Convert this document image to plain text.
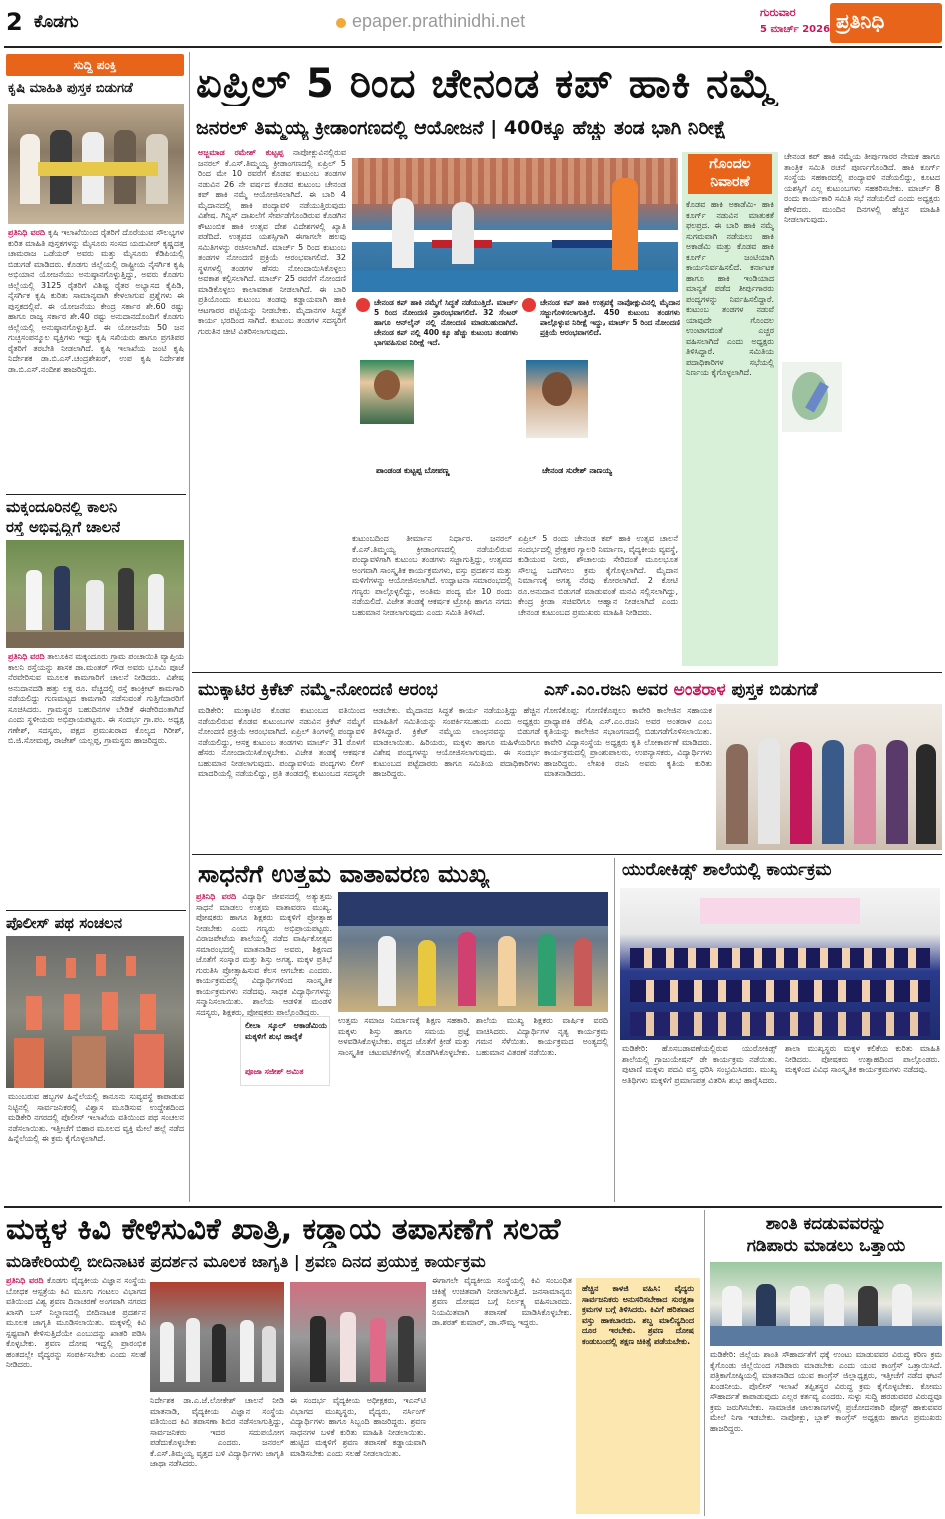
2 ಕೊಡಗು	epaper.prathinidhi.net	ಗುರುವಾರ
5 ಮಾರ್ಚ್ 2026 ಪ್ರತಿನಿಧಿ
ಸುದ್ದಿ ಪಂಕ್ತಿ
ಕೃಷಿ ಮಾಹಿತಿ ಪುಸ್ತಕ ಬಿಡುಗಡೆ
ಪ್ರತಿನಿಧಿ ವರದಿ ಕೃಷಿ ಇಲಾಖೆಯಿಂದ ರೈತರಿಗೆ ದೊರೆಯುವ ಸೌಲಭ್ಯಗಳ ಕುರಿತ ಮಾಹಿತಿ ಪುಸ್ತಕಗಳನ್ನು ಮೈಸೂರು ಸಂಸದ ಯದುವೀರ್ ಕೃಷ್ಣದತ್ತ ಚಾಮರಾಜ ಒಡೆಯರ್ ಅವರು ಮತ್ತು ಮೈಸೂರು ಕೆಡಿಪಿಯಲ್ಲಿ ಬಿಡುಗಡೆ ಮಾಡಿದರು. ಕೊಡಗು ಜಿಲ್ಲೆಯಲ್ಲಿ ರಾಷ್ಟ್ರೀಯ ನೈಸರ್ಗಿಕ ಕೃಷಿ ಅಭಿಯಾನ ಯೋಜನೆಯು ಅನುಷ್ಠಾನಗೊಳ್ಳುತ್ತಿದ್ದು, ಅವರು ಕೊಡಗು ಜಿಲ್ಲೆಯಲ್ಲಿ 3125 ರೈತರಿಗೆ ವಿಶಿಷ್ಟ ರೈತರ ಅಭ್ಯಾಸದ ಕೈಪಿಡಿ, ನೈಸರ್ಗಿಕ ಕೃಷಿ ಕುರಿತು ಸಾಮಾನ್ಯವಾಗಿ ಕೇಳಲಾಗುವ ಪ್ರಶ್ನೆಗಳು ಈ ಪುಸ್ತಕದಲ್ಲಿವೆ. ಈ ಯೋಜನೆಯು ಕೇಂದ್ರ ಸರ್ಕಾರ ಶೇ.60 ರಷ್ಟು ಹಾಗೂ ರಾಜ್ಯ ಸರ್ಕಾರ ಶೇ.40 ರಷ್ಟು ಅನುದಾನದೊಂದಿಗೆ ಕೊಡಗು ಜಿಲ್ಲೆಯಲ್ಲಿ ಅನುಷ್ಠಾನಗೊಳ್ಳುತ್ತಿದೆ. ಈ ಯೋಜನೆಯ 50 ಜನ ಗುಚ್ಛಸಂಪನ್ಮೂಲ ವ್ಯಕ್ತಿಗಳು ಇದ್ದು ಕೃಷಿ ಸಖಿಯರು ಹಾಗೂ ಪ್ರಗತಿಪರ ರೈತರಿಗೆ ತರಬೇತಿ ನೀಡಲಾಗಿದೆ. ಕೃಷಿ ಇಲಾಖೆಯ ಜಂಟಿ ಕೃಷಿ ನಿರ್ದೇಶಕ ಡಾ.ಬಿ.ಎಸ್.ಚಂದ್ರಶೇಖರ್, ಉಪ ಕೃಷಿ ನಿರ್ದೇಶಕ ಡಾ.ಬಿ.ಎಸ್.ನಂದೀಶ ಹಾಜರಿದ್ದರು.
ಮಕ್ಕಂದೂರಿನಲ್ಲಿ ಕಾಲನಿ
ರಸ್ತೆ ಅಭಿವೃದ್ಧಿಗೆ ಚಾಲನೆ
ಪ್ರತಿನಿಧಿ ವರದಿ ತಾಲೂಕಿನ ಮಕ್ಕಂದೂರು ಗ್ರಾಮ ಪಂಚಾಯಿತಿ ವ್ಯಾಪ್ತಿಯ ಕಾಲನಿ ರಸ್ತೆಯನ್ನು ಶಾಸಕ ಡಾ.ಮಂತರ್ ಗೌಡ ಅವರು ಭೂಮಿ ಪೂಜೆ ನೆರವೇರಿಸುವ ಮೂಲಕ ಕಾಮಗಾರಿಗೆ ಚಾಲನೆ ನೀಡಿದರು. ವಿಶೇಷ ಅನುದಾನದಡಿ ಹತ್ತು ಲಕ್ಷ ರೂ. ವೆಚ್ಚದಲ್ಲಿ ರಸ್ತೆ ಕಾಂಕ್ರೀಟ್ ಕಾಮಗಾರಿ ನಡೆಯಲಿದ್ದು ಗುಣಮಟ್ಟದ ಕಾಮಗಾರಿ ನಡೆಸುವಂತೆ ಗುತ್ತಿಗೆದಾರರಿಗೆ ಸೂಚಿಸಿದರು. ಗ್ರಾಮಸ್ಥರ ಬಹುದಿನಗಳ ಬೇಡಿಕೆ ಈಡೇರಿದಂತಾಗಿದೆ ಎಂದು ಸ್ಥಳೀಯರು ಅಭಿಪ್ರಾಯಪಟ್ಟರು. ಈ ಸಂದರ್ಭ ಗ್ರಾ.ಪಂ. ಅಧ್ಯಕ್ಷ ಗಣೇಶ್, ಸದಸ್ಯರು, ಪಕ್ಷದ ಪ್ರಮುಖರಾದ ಕೊಲ್ಯದ ಗಿರೀಶ್, ಬಿ.ಜಿ.ಸೋಮಪ್ಪ, ರಾಜೇಶ್ ಯಲ್ಲಪ್ಪ, ಗ್ರಾಮಸ್ಥರು ಹಾಜರಿದ್ದರು.
ಪೊಲೀಸ್ ಪಥ ಸಂಚಲನ
ಮುಂಬರುವ ಹಬ್ಬಗಳ ಹಿನ್ನೆಲೆಯಲ್ಲಿ ಕಾನೂನು ಸುವ್ಯವಸ್ಥೆ ಕಾಪಾಡುವ ನಿಟ್ಟಿನಲ್ಲಿ ಸಾರ್ವಜನಿಕರಲ್ಲಿ ವಿಶ್ವಾಸ ಮೂಡಿಸುವ ಉದ್ದೇಶದಿಂದ ಮಡಿಕೇರಿ ನಗರದಲ್ಲಿ ಪೊಲೀಸ್ ಇಲಾಖೆಯ ವತಿಯಿಂದ ಪಥ ಸಂಚಲನ ನಡೆಸಲಾಯಿತು. ಇತ್ತೀಚೆಗೆ ಬಿಹಾರ ಮೂಲದ ವ್ಯಕ್ತಿ ಮೇಲೆ ಹಲ್ಲೆ ನಡೆದ ಹಿನ್ನೆಲೆಯಲ್ಲಿ ಈ ಕ್ರಮ ಕೈಗೊಳ್ಳಲಾಗಿದೆ.
ಏಪ್ರಿಲ್ 5 ರಿಂದ ಚೇನಂಡ ಕಪ್ ಹಾಕಿ ನಮ್ಮೆ
ಜನರಲ್ ತಿಮ್ಮಯ್ಯ ಕ್ರೀಡಾಂಗಣದಲ್ಲಿ ಆಯೋಜನೆ | 400ಕ್ಕೂ ಹೆಚ್ಚು ತಂಡ ಭಾಗಿ ನಿರೀಕ್ಷೆ
ಅಜ್ಜಮಾಡ ರಮೇಶ್ ಕುಟ್ಟಪ್ಪ ನಾಪೋಕ್ಲುವಿನಲ್ಲಿರುವ ಜನರಲ್ ಕೆ.ಎಸ್.ತಿಮ್ಮಯ್ಯ ಕ್ರೀಡಾಂಗಣದಲ್ಲಿ ಏಪ್ರಿಲ್ 5 ರಿಂದ ಮೇ 10 ರವರೆಗೆ ಕೊಡವ ಕುಟುಂಬ ತಂಡಗಳ ನಡುವಿನ 26 ನೇ ವರ್ಷದ ಕೊಡವ ಕುಟುಂಬ ಚೇನಂಡ ಕಪ್ ಹಾಕಿ ನಮ್ಮೆ ಆಯೋಜಿಸಲಾಗಿದೆ. ಈ ಬಾರಿ 4 ಮೈದಾನದಲ್ಲಿ ಹಾಕಿ ಪಂದ್ಯಾವಳಿ ನಡೆಯುತ್ತಿರುವುದು ವಿಶೇಷ. ಗಿನ್ನಿಸ್ ದಾಖಲೆಗೆ ಸೇರ್ಪಡೆಗೊಂಡಿರುವ ಕೊಡಗಿನ ಕೌಟುಂಬಿಕ ಹಾಕಿ ಉತ್ಸವ ದೇಶ ವಿದೇಶಗಳಲ್ಲಿ ಖ್ಯಾತಿ ಪಡೆದಿದೆ. ಉತ್ಸವದ ಯಶಸ್ಸಿಗಾಗಿ ಈಗಾಗಲೇ ಹಲವು ಸಮಿತಿಗಳನ್ನು ರಚಿಸಲಾಗಿದೆ. ಮಾರ್ಚ್ 5 ರಿಂದ ಕುಟುಂಬ ತಂಡಗಳ ನೋಂದಣಿ ಪ್ರಕ್ರಿಯೆ ಆರಂಭವಾಗಲಿದೆ. 32 ಸ್ಥಳಗಳಲ್ಲಿ ತಂಡಗಳ ಹೆಸರು ನೋಂದಾಯಿಸಿಕೊಳ್ಳಲು ಅವಕಾಶ ಕಲ್ಪಿಸಲಾಗಿದೆ. ಮಾರ್ಚ್ 25 ರವರೆಗೆ ನೋಂದಣಿ ಮಾಡಿಕೊಳ್ಳಲು ಕಾಲಾವಕಾಶ ನೀಡಲಾಗಿದೆ. ಈ ಬಾರಿ ಪ್ರತಿಯೊಂದು ಕುಟುಂಬ ತಂಡವು ಕಡ್ಡಾಯವಾಗಿ ಹಾಕಿ ಆಟಗಾರರ ಪಟ್ಟಿಯನ್ನು ನೀಡಬೇಕು. ಮೈದಾನಗಳ ಸಿದ್ಧತೆ ಕಾರ್ಯ ಭರದಿಂದ ಸಾಗಿದೆ. ಕುಟುಂಬ ತಂಡಗಳ ಸದಸ್ಯರಿಗೆ ಗುರುತಿನ ಚೀಟಿ ವಿತರಿಸಲಾಗುವುದು.
ಚೇನಂಡ ಕಪ್ ಹಾಕಿ ನಮ್ಮೆಗೆ ಸಿದ್ಧತೆ ನಡೆಯುತ್ತಿದೆ. ಮಾರ್ಚ್ 5 ರಿಂದ ನೋಂದಣಿ ಪ್ರಾರಂಭವಾಗಲಿದೆ. 32 ಸೆಂಟರ್ ಹಾಗೂ ಆನ್‌ಲೈನ್ ನಲ್ಲಿ ನೋಂದಣಿ ಮಾಡಬಹುದಾಗಿದೆ. ಚೇನಂಡ ಕಪ್ ನಲ್ಲಿ 400 ಕ್ಕೂ ಹೆಚ್ಚು ಕುಟುಂಬ ತಂಡಗಳು ಭಾಗವಹಿಸುವ ನಿರೀಕ್ಷೆ ಇದೆ.
ಪಾಂಡಂಡ ಕುಟ್ಟಪ್ಪ ಬೋಪಣ್ಣ
ಚೇನಂಡ ಕಪ್ ಹಾಕಿ ಉತ್ಸವಕ್ಕೆ ನಾಪೋಕ್ಲುವಿನಲ್ಲಿ ಮೈದಾನ ಸಜ್ಜುಗೊಳಿಸಲಾಗುತ್ತಿದೆ. 450 ಕುಟುಂಬ ತಂಡಗಳು ಪಾಲ್ಗೊಳ್ಳುವ ನಿರೀಕ್ಷೆ ಇದ್ದು, ಮಾರ್ಚ್ 5 ರಿಂದ ನೋಂದಣಿ ಪ್ರಕ್ರಿಯೆ ಆರಂಭವಾಗಲಿದೆ.
ಚೇನಂಡ ಸುರೇಶ್ ನಾಣಯ್ಯ
ಕುಟುಂಬದಿಂದ ತೀರ್ಮಾನ ನಿರ್ಧಾರ. ಜನರಲ್ ಕೆ.ಎಸ್.ತಿಮ್ಮಯ್ಯ ಕ್ರೀಡಾಂಗಣದಲ್ಲಿ ನಡೆಯಲಿರುವ ಪಂದ್ಯಾವಳಿಗಾಗಿ ಕುಟುಂಬ ತಂಡಗಳು ಸಜ್ಜಾಗುತ್ತಿದ್ದು, ಉತ್ಸವದ ಅಂಗವಾಗಿ ಸಾಂಸ್ಕೃತಿಕ ಕಾರ್ಯಕ್ರಮಗಳು, ವಸ್ತು ಪ್ರದರ್ಶನ ಮತ್ತು ಮಳಿಗೆಗಳನ್ನು ಆಯೋಜಿಸಲಾಗಿದೆ. ಉದ್ಘಾಟನಾ ಸಮಾರಂಭದಲ್ಲಿ ಗಣ್ಯರು ಪಾಲ್ಗೊಳ್ಳಲಿದ್ದು, ಅಂತಿಮ ಪಂದ್ಯ ಮೇ 10 ರಂದು ನಡೆಯಲಿದೆ. ವಿಜೇತ ತಂಡಕ್ಕೆ ಆಕರ್ಷಕ ಟ್ರೋಫಿ ಹಾಗೂ ನಗದು ಬಹುಮಾನ ನೀಡಲಾಗುವುದು ಎಂದು ಸಮಿತಿ ತಿಳಿಸಿದೆ.
ಏಪ್ರಿಲ್ 5 ರಂದು ಚೇನಂಡ ಕಪ್ ಹಾಕಿ ಉತ್ಸವ ಚಾಲನೆ ಸಂದರ್ಭದಲ್ಲಿ ಪ್ರೇಕ್ಷಕರ ಗ್ಯಾಲರಿ ನಿರ್ಮಾಣ, ವೈದ್ಯಕೀಯ ವ್ಯವಸ್ಥೆ, ಕುಡಿಯುವ ನೀರು, ಶೌಚಾಲಯ ಸೇರಿದಂತೆ ಮೂಲಭೂತ ಸೌಲಭ್ಯ ಒದಗಿಸಲು ಕ್ರಮ ಕೈಗೊಳ್ಳಲಾಗಿದೆ. ಮೈದಾನ ನಿರ್ಮಾಣಕ್ಕೆ ಅಗತ್ಯ ನೆರವು ಕೋರಲಾಗಿದೆ. 2 ಕೋಟಿ ರೂ.ಅನುದಾನ ಬಿಡುಗಡೆ ಮಾಡುವಂತೆ ಮನವಿ ಸಲ್ಲಿಸಲಾಗಿದ್ದು, ಕೇಂದ್ರ ಕ್ರೀಡಾ ಸಚಿವರಿಗೂ ಆಹ್ವಾನ ನೀಡಲಾಗಿದೆ ಎಂದು ಚೇನಂಡ ಕುಟುಂಬದ ಪ್ರಮುಖರು ಮಾಹಿತಿ ನೀಡಿದರು.
ಗೊಂದಲ
ನಿವಾರಣೆ
ಕೊಡವ ಹಾಕಿ ಅಕಾಡೆಮಿ- ಹಾಕಿ ಕೂರ್ಗ್ ನಡುವಿನ ಮಾತುಕತೆ ಫಲಪ್ರದ. ಈ ಬಾರಿ ಹಾಕಿ ನಮ್ಮೆ ಸುಗಮವಾಗಿ ನಡೆಯಲು ಹಾಕಿ ಅಕಾಡೆಮಿ ಮತ್ತು ಕೊಡವ ಹಾಕಿ ಕೂರ್ಗ್ ಜಂಟಿಯಾಗಿ ಕಾರ್ಯನಿರ್ವಹಿಸಲಿದೆ. ಕರ್ನಾಟಕ ಹಾಗೂ ಹಾಕಿ ಇಂಡಿಯಾದ ಮಾನ್ಯತೆ ಪಡೆದ ತೀರ್ಪುಗಾರರು ಪಂದ್ಯಗಳನ್ನು ನಿರ್ವಹಿಸಲಿದ್ದಾರೆ. ಕುಟುಂಬ ತಂಡಗಳ ನಡುವೆ ಯಾವುದೇ ಗೊಂದಲ ಉಂಟಾಗದಂತೆ ಎಚ್ಚರ ವಹಿಸಲಾಗಿದೆ ಎಂದು ಅಧ್ಯಕ್ಷರು ತಿಳಿಸಿದ್ದಾರೆ. ಸಮಿತಿಯ ಪದಾಧಿಕಾರಿಗಳ ಸಭೆಯಲ್ಲಿ ನಿರ್ಣಯ ಕೈಗೊಳ್ಳಲಾಗಿದೆ.
ಚೇನಂಡ ಕಪ್ ಹಾಕಿ ನಮ್ಮೆಯ ತೀರ್ಪುಗಾರರ ನೇಮಕ ಹಾಗೂ ತಾಂತ್ರಿಕ ಸಮಿತಿ ರಚನೆ ಪೂರ್ಣಗೊಂಡಿದೆ. ಹಾಕಿ ಕೂರ್ಗ್ ಸಂಸ್ಥೆಯ ಸಹಕಾರದಲ್ಲಿ ಪಂದ್ಯಾವಳಿ ನಡೆಯಲಿದ್ದು, ಕೂಟದ ಯಶಸ್ಸಿಗೆ ಎಲ್ಲ ಕುಟುಂಬಗಳು ಸಹಕರಿಸಬೇಕು. ಮಾರ್ಚ್ 8 ರಂದು ಕಾರ್ಯಕಾರಿ ಸಮಿತಿ ಸಭೆ ನಡೆಯಲಿದೆ ಎಂದು ಅಧ್ಯಕ್ಷರು ಹೇಳಿದರು. ಮುಂದಿನ ದಿನಗಳಲ್ಲಿ ಹೆಚ್ಚಿನ ಮಾಹಿತಿ ನೀಡಲಾಗುವುದು.
ಮುಕ್ಕಾಟಿರ ಕ್ರಿಕೆಟ್ ನಮ್ಮೆ-ನೋಂದಣಿ ಆರಂಭ
ಮಡಿಕೇರಿ: ಮುಕ್ಕಾಟಿರ ಕೊಡವ ಕುಟುಂಬದ ವತಿಯಿಂದ ನಡೆಯಲಿರುವ ಕೊಡವ ಕುಟುಂಬಗಳ ನಡುವಿನ ಕ್ರಿಕೆಟ್ ನಮ್ಮೆಗೆ ನೋಂದಣಿ ಪ್ರಕ್ರಿಯೆ ಆರಂಭವಾಗಿದೆ. ಏಪ್ರಿಲ್ ತಿಂಗಳಲ್ಲಿ ಪಂದ್ಯಾವಳಿ ನಡೆಯಲಿದ್ದು, ಆಸಕ್ತ ಕುಟುಂಬ ತಂಡಗಳು ಮಾರ್ಚ್ 31 ರೊಳಗೆ ಹೆಸರು ನೋಂದಾಯಿಸಿಕೊಳ್ಳಬೇಕು. ವಿಜೇತ ತಂಡಕ್ಕೆ ಆಕರ್ಷಕ ಬಹುಮಾನ ನೀಡಲಾಗುವುದು. ಪಂದ್ಯಾವಳಿಯ ಪಂದ್ಯಗಳು ಲೀಗ್ ಮಾದರಿಯಲ್ಲಿ ನಡೆಯಲಿದ್ದು, ಪ್ರತಿ ತಂಡದಲ್ಲಿ ಕುಟುಂಬದ ಸದಸ್ಯರೇ ಆಡಬೇಕು. ಮೈದಾನದ ಸಿದ್ಧತೆ ಕಾರ್ಯ ನಡೆಯುತ್ತಿದ್ದು ಹೆಚ್ಚಿನ ಮಾಹಿತಿಗೆ ಸಮಿತಿಯನ್ನು ಸಂಪರ್ಕಿಸಬಹುದು ಎಂದು ಅಧ್ಯಕ್ಷರು ತಿಳಿಸಿದ್ದಾರೆ. ಕ್ರಿಕೆಟ್ ನಮ್ಮೆಯ ಲಾಂಛನವನ್ನು ಬಿಡುಗಡೆ ಮಾಡಲಾಯಿತು. ಹಿರಿಯರು, ಮಕ್ಕಳು ಹಾಗೂ ಮಹಿಳೆಯರಿಗೂ ವಿಶೇಷ ಪಂದ್ಯಗಳನ್ನು ಆಯೋಜಿಸಲಾಗುವುದು. ಈ ಸಂದರ್ಭ ಕುಟುಂಬದ ಪಟ್ಟೆದಾರರು ಹಾಗೂ ಸಮಿತಿಯ ಪದಾಧಿಕಾರಿಗಳು ಹಾಜರಿದ್ದರು.
ಎಸ್.ಎಂ.ರಜನಿ ಅವರ ಅಂತರಾಳ ಪುಸ್ತಕ ಬಿಡುಗಡೆ
ಗೋಣಿಕೊಪ್ಪ: ಗೋಣಿಕೊಪ್ಪಲು ಕಾವೇರಿ ಕಾಲೇಜಿನ ಸಹಾಯಕ ಪ್ರಾಧ್ಯಾಪಕಿ ಡೆಲಿಷಿ ಎಸ್.ಎಂ.ರಜನಿ ಅವರ ಅಂತರಾಳ ಎಂಬ ಕೃತಿಯನ್ನು ಕಾಲೇಜಿನ ಸಭಾಂಗಣದಲ್ಲಿ ಬಿಡುಗಡೆಗೊಳಿಸಲಾಯಿತು. ಕಾವೇರಿ ವಿದ್ಯಾಸಂಸ್ಥೆಯ ಅಧ್ಯಕ್ಷರು ಕೃತಿ ಲೋಕಾರ್ಪಣೆ ಮಾಡಿದರು. ಕಾರ್ಯಕ್ರಮದಲ್ಲಿ ಪ್ರಾಂಶುಪಾಲರು, ಉಪನ್ಯಾಸಕರು, ವಿದ್ಯಾರ್ಥಿಗಳು ಹಾಜರಿದ್ದರು. ಲೇಖಕಿ ರಜನಿ ಅವರು ಕೃತಿಯ ಕುರಿತು ಮಾತನಾಡಿದರು.
ಸಾಧನೆಗೆ ಉತ್ತಮ ವಾತಾವರಣ ಮುಖ್ಯ
ಪ್ರತಿನಿಧಿ ವರದಿ ವಿದ್ಯಾರ್ಥಿ ಜೀವನದಲ್ಲಿ ಅತ್ಯುತ್ತಮ ಸಾಧನೆ ಮಾಡಲು ಉತ್ತಮ ವಾತಾವರಣ ಮುಖ್ಯ. ಪೋಷಕರು ಹಾಗೂ ಶಿಕ್ಷಕರು ಮಕ್ಕಳಿಗೆ ಪ್ರೋತ್ಸಾಹ ನೀಡಬೇಕು ಎಂದು ಗಣ್ಯರು ಅಭಿಪ್ರಾಯಪಟ್ಟರು. ವಿರಾಜಪೇಟೆಯ ಶಾಲೆಯಲ್ಲಿ ನಡೆದ ವಾರ್ಷಿಕೋತ್ಸವ ಸಮಾರಂಭದಲ್ಲಿ ಮಾತನಾಡಿದ ಅವರು, ಶಿಕ್ಷಣದ ಜೊತೆಗೆ ಸಂಸ್ಕಾರ ಮತ್ತು ಶಿಸ್ತು ಅಗತ್ಯ. ಮಕ್ಕಳ ಪ್ರತಿಭೆ ಗುರುತಿಸಿ ಪ್ರೋತ್ಸಾಹಿಸುವ ಕೆಲಸ ಆಗಬೇಕು ಎಂದರು. ಕಾರ್ಯಕ್ರಮದಲ್ಲಿ ವಿದ್ಯಾರ್ಥಿಗಳಿಂದ ಸಾಂಸ್ಕೃತಿಕ ಕಾರ್ಯಕ್ರಮಗಳು ನಡೆದವು. ಸಾಧಕ ವಿದ್ಯಾರ್ಥಿಗಳನ್ನು ಸನ್ಮಾನಿಸಲಾಯಿತು. ಶಾಲೆಯ ಆಡಳಿತ ಮಂಡಳಿ ಸದಸ್ಯರು, ಶಿಕ್ಷಕರು, ಪೋಷಕರು ಪಾಲ್ಗೊಂಡಿದ್ದರು.
ಉತ್ತಮ ಸಮಾಜ ನಿರ್ಮಾಣಕ್ಕೆ ಶಿಕ್ಷಣ ಸಹಕಾರಿ. ಮಕ್ಕಳು ಶಿಸ್ತು ಹಾಗೂ ಸಮಯ ಪ್ರಜ್ಞೆ ಅಳವಡಿಸಿಕೊಳ್ಳಬೇಕು. ಪಠ್ಯದ ಜೊತೆಗೆ ಕ್ರೀಡೆ ಮತ್ತು ಸಾಂಸ್ಕೃತಿಕ ಚಟುವಟಿಕೆಗಳಲ್ಲಿ ತೊಡಗಿಸಿಕೊಳ್ಳಬೇಕು. ಶಾಲೆಯ ಮುಖ್ಯ ಶಿಕ್ಷಕರು ವಾರ್ಷಿಕ ವರದಿ ವಾಚಿಸಿದರು. ವಿದ್ಯಾರ್ಥಿಗಳ ನೃತ್ಯ ಕಾರ್ಯಕ್ರಮ ಗಮನ ಸೆಳೆಯಿತು. ಕಾರ್ಯಕ್ರಮದ ಅಂತ್ಯದಲ್ಲಿ ಬಹುಮಾನ ವಿತರಣೆ ನಡೆಯಿತು.
ಲೀಲಾ ಸ್ಕೂಲ್ ಆಕಾಡೆಮಿಯ ಮಕ್ಕಳಿಗೆ ಶುಭ ಹಾರೈಕೆ
ಪೂಜಾ ಸಜೀಶ್ ಅಮಿತ
ಯುರೋಕಿಡ್ಸ್ ಶಾಲೆಯಲ್ಲಿ ಕಾರ್ಯಕ್ರಮ
ಮಡಿಕೇರಿ: ಹೊಸಬಡಾವಣೆಯಲ್ಲಿರುವ ಯುರೋಕಿಡ್ಸ್ ಶಾಲೆಯಲ್ಲಿ ಗ್ರಾಜುಯೇಷನ್ ಡೇ ಕಾರ್ಯಕ್ರಮ ನಡೆಯಿತು. ಪುಟಾಣಿ ಮಕ್ಕಳು ಪದವಿ ವಸ್ತ್ರ ಧರಿಸಿ ಸಂಭ್ರಮಿಸಿದರು. ಮುಖ್ಯ ಅತಿಥಿಗಳು ಮಕ್ಕಳಿಗೆ ಪ್ರಮಾಣಪತ್ರ ವಿತರಿಸಿ ಶುಭ ಹಾರೈಸಿದರು. ಶಾಲಾ ಮುಖ್ಯಸ್ಥರು ಮಕ್ಕಳ ಕಲಿಕೆಯ ಕುರಿತು ಮಾಹಿತಿ ನೀಡಿದರು. ಪೋಷಕರು ಉತ್ಸಾಹದಿಂದ ಪಾಲ್ಗೊಂಡರು. ಮಕ್ಕಳಿಂದ ವಿವಿಧ ಸಾಂಸ್ಕೃತಿಕ ಕಾರ್ಯಕ್ರಮಗಳು ನಡೆದವು.
ಮಕ್ಕಳ ಕಿವಿ ಕೇಳಿಸುವಿಕೆ ಖಾತ್ರಿ, ಕಡ್ಡಾಯ ತಪಾಸಣೆಗೆ ಸಲಹೆ
ಮಡಿಕೇರಿಯಲ್ಲಿ ಬೀದಿನಾಟಕ ಪ್ರದರ್ಶನ ಮೂಲಕ ಜಾಗೃತಿ | ಶ್ರವಣ ದಿನದ ಪ್ರಯುಕ್ತ ಕಾರ್ಯಕ್ರಮ
ಪ್ರತಿನಿಧಿ ವರದಿ ಕೊಡಗು ವೈದ್ಯಕೀಯ ವಿಜ್ಞಾನ ಸಂಸ್ಥೆಯ ಬೋಧಕ ಆಸ್ಪತ್ರೆಯ ಕಿವಿ ಮೂಗು ಗಂಟಲು ವಿಭಾಗದ ವತಿಯಿಂದ ವಿಶ್ವ ಶ್ರವಣ ದಿನಾಚರಣೆ ಅಂಗವಾಗಿ ನಗರದ ಖಾಸಗಿ ಬಸ್ ನಿಲ್ದಾಣದಲ್ಲಿ ಬೀದಿನಾಟಕ ಪ್ರದರ್ಶನ ಮೂಲಕ ಜಾಗೃತಿ ಮೂಡಿಸಲಾಯಿತು. ಮಕ್ಕಳಲ್ಲಿ ಕಿವಿ ಸ್ಪಷ್ಟವಾಗಿ ಕೇಳಿಸುತ್ತಿದೆಯೇ ಎಂಬುದನ್ನು ಖಾತರಿ ಪಡಿಸಿ ಕೊಳ್ಳಬೇಕು. ಶ್ರವಣ ದೋಷ ಇದ್ದಲ್ಲಿ ಪ್ರಾರಂಭಿಕ ಹಂತದಲ್ಲೇ ವೈದ್ಯರನ್ನು ಸಂಪರ್ಕಿಸಬೇಕು ಎಂದು ಸಲಹೆ ನೀಡಿದರು.
ನಿರ್ದೇಶಕ ಡಾ.ಎ.ಜೆ.ಲೋಕೇಶ್ ಚಾಲನೆ ನೀಡಿ ಮಾತನಾಡಿ, ವೈದ್ಯಕೀಯ ವಿಜ್ಞಾನ ಸಂಸ್ಥೆಯ ವತಿಯಿಂದ ಕಿವಿ ತಪಾಸಣಾ ಶಿಬಿರ ನಡೆಸಲಾಗುತ್ತಿದ್ದು, ಸಾರ್ವಜನಿಕರು ಇದರ ಸದುಪಯೋಗ ಪಡೆದುಕೊಳ್ಳಬೇಕು ಎಂದರು. ಜನರಲ್ ಕೆ.ಎಸ್.ತಿಮ್ಮಯ್ಯ ವೃತ್ತದ ಬಳಿ ವಿದ್ಯಾರ್ಥಿಗಳು ಜಾಗೃತಿ ಜಾಥಾ ನಡೆಸಿದರು.
ಈ ಸಂದರ್ಭ ವೈದ್ಯಕೀಯ ಅಧೀಕ್ಷಕರು, ಇಎನ್‌ಟಿ ವಿಭಾಗದ ಮುಖ್ಯಸ್ಥರು, ವೈದ್ಯರು, ನರ್ಸಿಂಗ್ ವಿದ್ಯಾರ್ಥಿಗಳು ಹಾಗೂ ಸಿಬ್ಬಂದಿ ಹಾಜರಿದ್ದರು. ಶ್ರವಣ ಸಾಧನಗಳ ಬಳಕೆ ಕುರಿತು ಮಾಹಿತಿ ನೀಡಲಾಯಿತು. ಹುಟ್ಟಿದ ಮಕ್ಕಳಿಗೆ ಶ್ರವಣ ತಪಾಸಣೆ ಕಡ್ಡಾಯವಾಗಿ ಮಾಡಿಸಬೇಕು ಎಂದು ಸಲಹೆ ನೀಡಲಾಯಿತು.
ಈಗಾಗಲೇ ವೈದ್ಯಕೀಯ ಸಂಸ್ಥೆಯಲ್ಲಿ ಕಿವಿ ಸಂಬಂಧಿತ ಚಿಕಿತ್ಸೆ ಉಚಿತವಾಗಿ ನೀಡಲಾಗುತ್ತಿದೆ. ಜನಸಾಮಾನ್ಯರು ಶ್ರವಣ ದೋಷದ ಬಗ್ಗೆ ನಿರ್ಲಕ್ಷ್ಯ ವಹಿಸಬಾರದು. ನಿಯಮಿತವಾಗಿ ತಪಾಸಣೆ ಮಾಡಿಸಿಕೊಳ್ಳಬೇಕು. ಡಾ.ಶರತ್ ಕುಮಾರ್, ಡಾ.ಸೌಮ್ಯ ಇದ್ದರು.
ಹೆಚ್ಚಿನ ಕಾಳಜಿ ವಹಿಸಿ: ವೈದ್ಯರು ಸಾರ್ವಜನಿಕರು ಅನುಸರಿಸಬೇಕಾದ ಸುರಕ್ಷತಾ ಕ್ರಮಗಳ ಬಗ್ಗೆ ತಿಳಿಸಿದರು. ಕಿವಿಗೆ ಹರಿತವಾದ ವಸ್ತು ಹಾಕಬಾರದು. ಶಬ್ದ ಮಾಲಿನ್ಯದಿಂದ ದೂರ ಇರಬೇಕು. ಶ್ರವಣ ದೋಷ ಕಂಡುಬಂದಲ್ಲಿ ತಕ್ಷಣ ಚಿಕಿತ್ಸೆ ಪಡೆಯಬೇಕು.
ಶಾಂತಿ ಕದಡುವವರನ್ನು
ಗಡಿಪಾರು ಮಾಡಲು ಒತ್ತಾಯ
ಮಡಿಕೇರಿ: ಜಿಲ್ಲೆಯ ಶಾಂತಿ ಸೌಹಾರ್ದತೆಗೆ ಧಕ್ಕೆ ಉಂಟು ಮಾಡುವವರ ವಿರುದ್ಧ ಕಠಿಣ ಕ್ರಮ ಕೈಗೊಂಡು ಜಿಲ್ಲೆಯಿಂದ ಗಡಿಪಾರು ಮಾಡಬೇಕು ಎಂದು ಯುವ ಕಾಂಗ್ರೆಸ್ ಒತ್ತಾಯಿಸಿದೆ. ಪತ್ರಿಕಾಗೋಷ್ಠಿಯಲ್ಲಿ ಮಾತನಾಡಿದ ಯುವ ಕಾಂಗ್ರೆಸ್ ಜಿಲ್ಲಾಧ್ಯಕ್ಷರು, ಇತ್ತೀಚೆಗೆ ನಡೆದ ಘಟನೆ ಖಂಡನೀಯ. ಪೊಲೀಸ್ ಇಲಾಖೆ ತಪ್ಪಿತಸ್ಥರ ವಿರುದ್ಧ ಕ್ರಮ ಕೈಗೊಳ್ಳಬೇಕು. ಕೋಮು ಸೌಹಾರ್ದತೆ ಕಾಪಾಡುವುದು ಎಲ್ಲರ ಕರ್ತವ್ಯ ಎಂದರು. ಸುಳ್ಳು ಸುದ್ದಿ ಹರಡುವವರ ವಿರುದ್ಧವೂ ಕ್ರಮ ಜರುಗಿಸಬೇಕು. ಸಾಮಾಜಿಕ ಜಾಲತಾಣಗಳಲ್ಲಿ ಪ್ರಚೋದನಕಾರಿ ಪೋಸ್ಟ್ ಹಾಕುವವರ ಮೇಲೆ ನಿಗಾ ಇಡಬೇಕು. ನಾಪೋಕ್ಲು, ಬ್ಲಾಕ್ ಕಾಂಗ್ರೆಸ್ ಅಧ್ಯಕ್ಷರು ಹಾಗೂ ಪ್ರಮುಖರು ಹಾಜರಿದ್ದರು.
